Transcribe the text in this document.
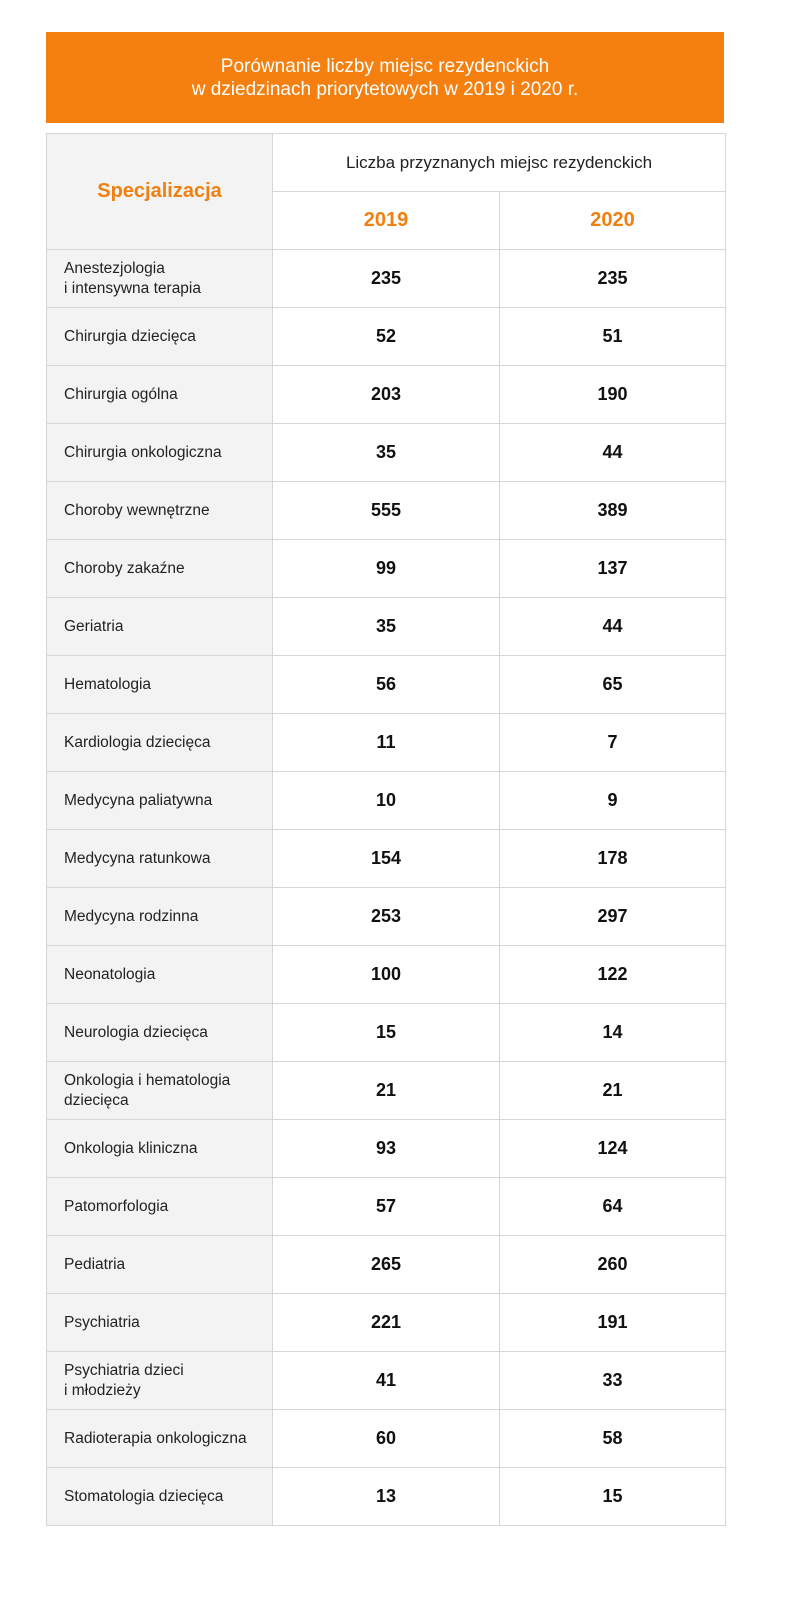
Porównanie liczby miejsc rezydenckich
w dziedzinach priorytetowych w 2019 i 2020 r.
Specjalizacja	Liczba przyznanych miejsc rezydenckich	
	2019	2020

Anestezjologia
i intensywna terapia	235	235

Chirurgia dziecięca	52	51

Chirurgia ogólna	203	190

Chirurgia onkologiczna	35	44

Choroby wewnętrzne	555	389

Choroby zakaźne	99	137

Geriatria	35	44

Hematologia	56	65

Kardiologia dziecięca	11	7

Medycyna paliatywna	10	9

Medycyna ratunkowa	154	178

Medycyna rodzinna	253	297

Neonatologia	100	122

Neurologia dziecięca	15	14

Onkologia i hematologia
dziecięca	21	21

Onkologia kliniczna	93	124

Patomorfologia	57	64

Pediatria	265	260

Psychiatria	221	191

Psychiatria dzieci
i młodzieży	41	33

Radioterapia onkologiczna	60	58

Stomatologia dziecięca	13	15
